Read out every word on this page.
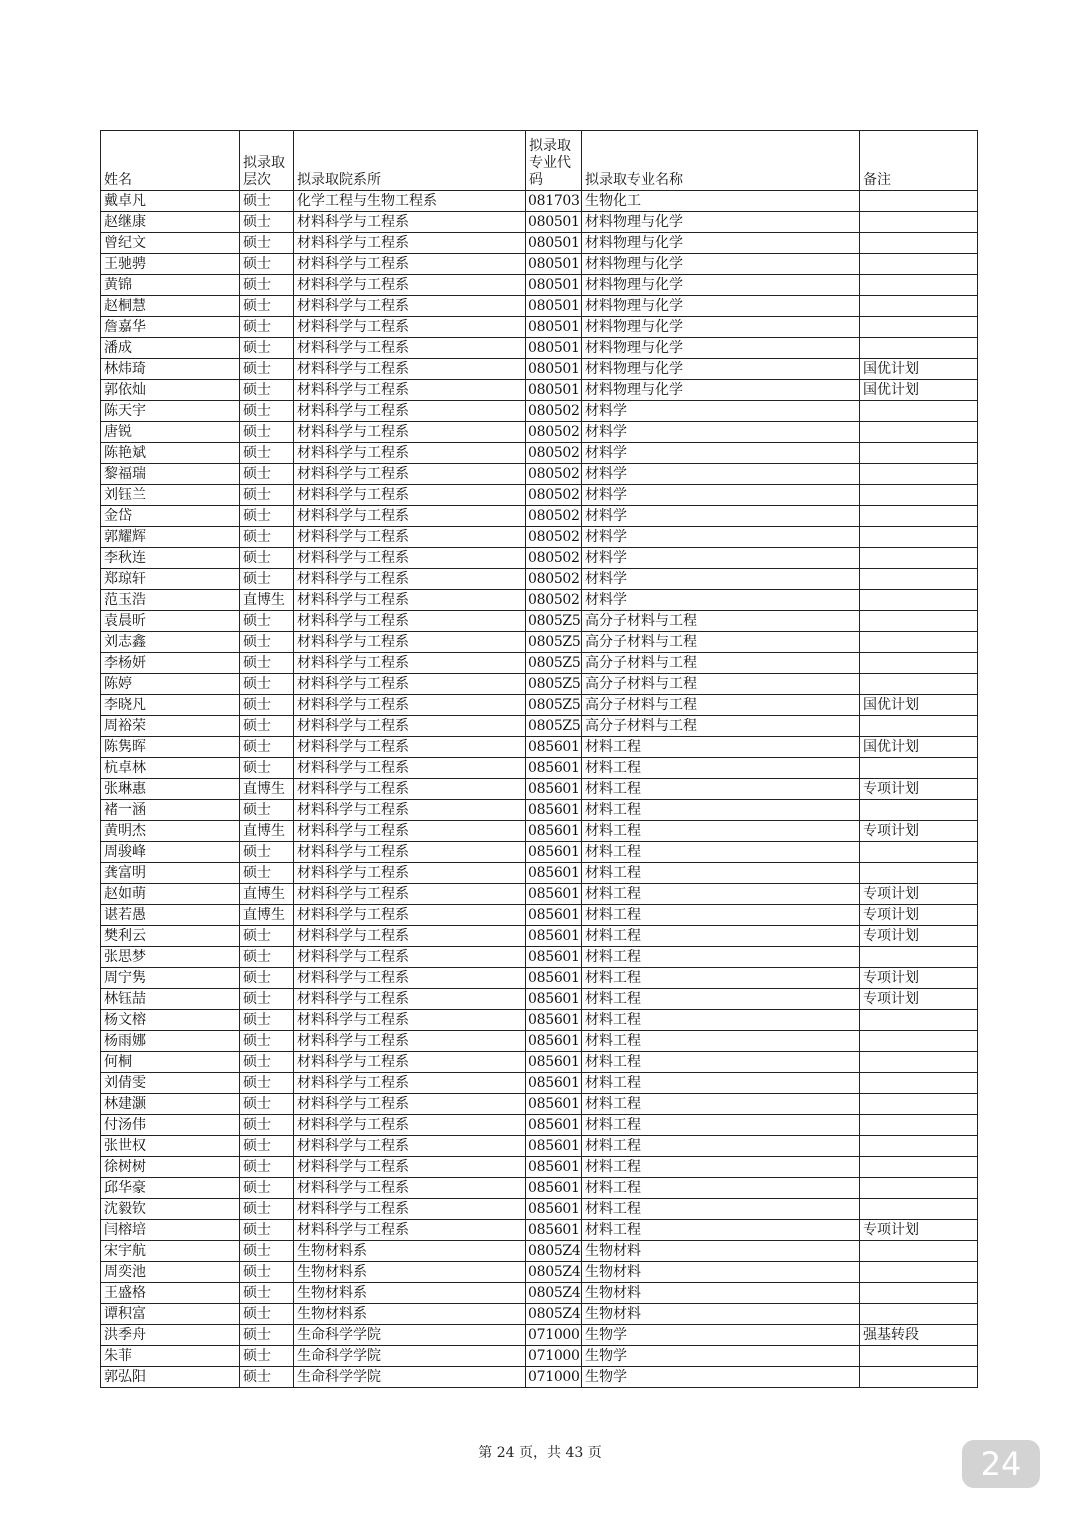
姓名	拟录取层次	拟录取院系所	拟录取专业代码	拟录取专业名称	备注
戴卓凡	硕士	化学工程与生物工程系	081703	生物化工	
赵继康	硕士	材料科学与工程系	080501	材料物理与化学	
曾纪文	硕士	材料科学与工程系	080501	材料物理与化学	
王驰骋	硕士	材料科学与工程系	080501	材料物理与化学	
黄锦	硕士	材料科学与工程系	080501	材料物理与化学	
赵桐慧	硕士	材料科学与工程系	080501	材料物理与化学	
詹嘉华	硕士	材料科学与工程系	080501	材料物理与化学	
潘成	硕士	材料科学与工程系	080501	材料物理与化学	
林炜琦	硕士	材料科学与工程系	080501	材料物理与化学	国优计划
郭依灿	硕士	材料科学与工程系	080501	材料物理与化学	国优计划
陈天宇	硕士	材料科学与工程系	080502	材料学	
唐锐	硕士	材料科学与工程系	080502	材料学	
陈艳斌	硕士	材料科学与工程系	080502	材料学	
黎福瑞	硕士	材料科学与工程系	080502	材料学	
刘钰兰	硕士	材料科学与工程系	080502	材料学	
金岱	硕士	材料科学与工程系	080502	材料学	
郭耀辉	硕士	材料科学与工程系	080502	材料学	
李秋连	硕士	材料科学与工程系	080502	材料学	
郑琼轩	硕士	材料科学与工程系	080502	材料学	
范玉浩	直博生	材料科学与工程系	080502	材料学	
袁晨昕	硕士	材料科学与工程系	0805Z5	高分子材料与工程	
刘志鑫	硕士	材料科学与工程系	0805Z5	高分子材料与工程	
李杨妍	硕士	材料科学与工程系	0805Z5	高分子材料与工程	
陈婷	硕士	材料科学与工程系	0805Z5	高分子材料与工程	
李晓凡	硕士	材料科学与工程系	0805Z5	高分子材料与工程	国优计划
周裕荣	硕士	材料科学与工程系	0805Z5	高分子材料与工程	
陈隽晖	硕士	材料科学与工程系	085601	材料工程	国优计划
杭卓林	硕士	材料科学与工程系	085601	材料工程	
张琳惠	直博生	材料科学与工程系	085601	材料工程	专项计划
褚一涵	硕士	材料科学与工程系	085601	材料工程	
黄明杰	直博生	材料科学与工程系	085601	材料工程	专项计划
周骏峰	硕士	材料科学与工程系	085601	材料工程	
龚富明	硕士	材料科学与工程系	085601	材料工程	
赵如萌	直博生	材料科学与工程系	085601	材料工程	专项计划
谌若愚	直博生	材料科学与工程系	085601	材料工程	专项计划
樊利云	硕士	材料科学与工程系	085601	材料工程	专项计划
张思梦	硕士	材料科学与工程系	085601	材料工程	
周宁隽	硕士	材料科学与工程系	085601	材料工程	专项计划
林钰喆	硕士	材料科学与工程系	085601	材料工程	专项计划
杨文榕	硕士	材料科学与工程系	085601	材料工程	
杨雨娜	硕士	材料科学与工程系	085601	材料工程	
何桐	硕士	材料科学与工程系	085601	材料工程	
刘倩雯	硕士	材料科学与工程系	085601	材料工程	
林建灏	硕士	材料科学与工程系	085601	材料工程	
付汤伟	硕士	材料科学与工程系	085601	材料工程	
张世权	硕士	材料科学与工程系	085601	材料工程	
徐树树	硕士	材料科学与工程系	085601	材料工程	
邱华豪	硕士	材料科学与工程系	085601	材料工程	
沈毅钦	硕士	材料科学与工程系	085601	材料工程	
闫榕培	硕士	材料科学与工程系	085601	材料工程	专项计划
宋宇航	硕士	生物材料系	0805Z4	生物材料	
周奕池	硕士	生物材料系	0805Z4	生物材料	
王盛格	硕士	生物材料系	0805Z4	生物材料	
谭积富	硕士	生物材料系	0805Z4	生物材料	
洪季舟	硕士	生命科学学院	071000	生物学	强基转段
朱菲	硕士	生命科学学院	071000	生物学	
郭弘阳	硕士	生命科学学院	071000	生物学	
第 24 页，共 43 页	24
